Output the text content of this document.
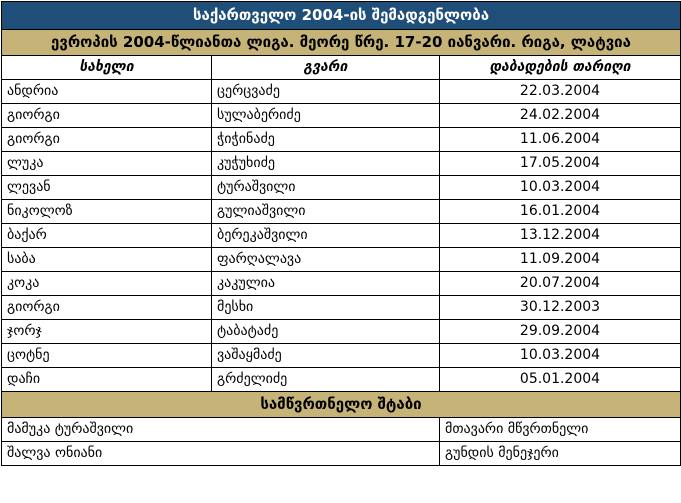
საქართველო 2004-ის შემადგენლობა		
ევროპის 2004-წლიანთა ლიგა. მეორე წრე. 17-20 იანვარი. რიგა, ლატვია		
სახელი	გვარი	დაბადების თარიღი
ანდრია	ცერცვაძე	22.03.2004
გიორგი	სულაბერიძე	24.02.2004
გიორგი	ჭიჭინაძე	11.06.2004
ლუკა	კუჭუხიძე	17.05.2004
ლევან	ტურაშვილი	10.03.2004
ნიკოლოზ	გულიაშვილი	16.01.2004
ბაქარ	ბერეკაშვილი	13.12.2004
საბა	ფარღალავა	11.09.2004
კოკა	კაკულია	20.07.2004
გიორგი	მესხი	30.12.2003
ჯორჯ	ტაბატაძე	29.09.2004
ცოტნე	ვაშაყმაძე	10.03.2004
დაჩი	გრძელიძე	05.01.2004
სამწვრთნელო შტაბი		
მამუკა ტურაშვილი		მთავარი მწვრთნელი
შალვა ონიანი		გუნდის მენეჯერი
